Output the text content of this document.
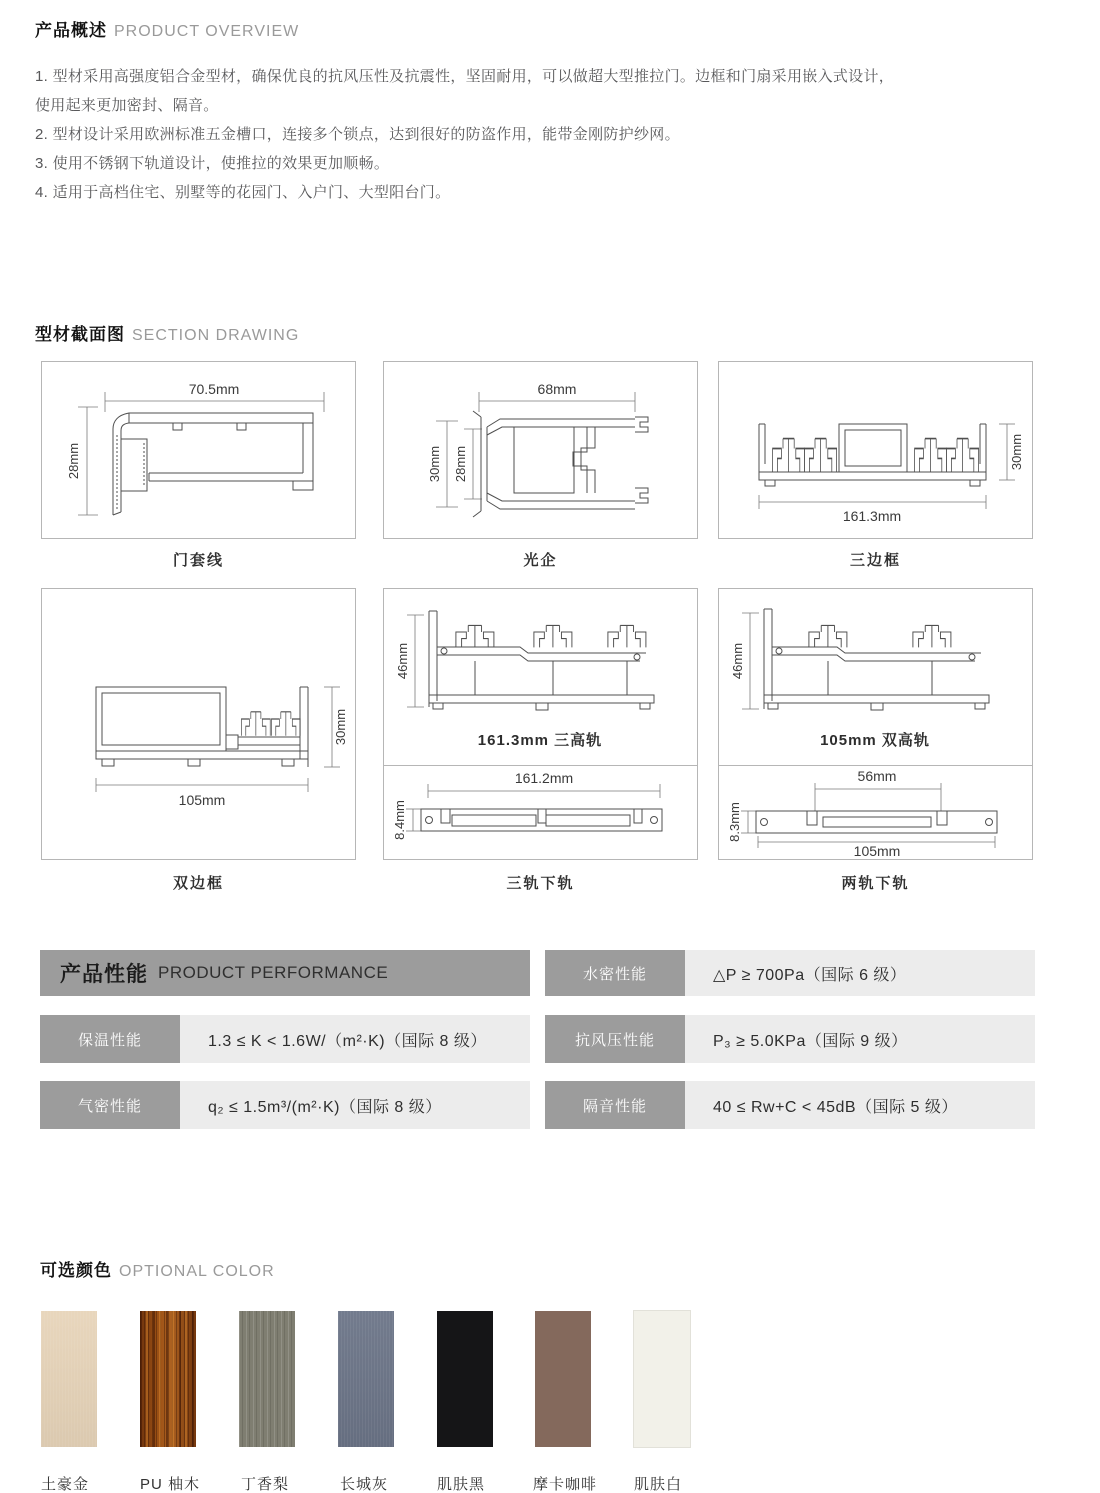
产品概述 PRODUCT OVERVIEW
1. 型材采用高强度铝合金型材，确保优良的抗风压性及抗震性，坚固耐用，可以做超大型推拉门。边框和门扇采用嵌入式设计，
使用起来更加密封、隔音。
2. 型材设计采用欧洲标准五金槽口，连接多个锁点，达到很好的防盗作用，能带金刚防护纱网。
3. 使用不锈钢下轨道设计，使推拉的效果更加顺畅。
4. 适用于高档住宅、别墅等的花园门、入户门、大型阳台门。
型材截面图 SECTION DRAWING
70.5mm
28mm
门套线
68mm
30mm 28mm
光企
161.3mm
30mm
三边框
105mm
30mm
双边框
46mm
161.3mm 三高轨
161.2mm
8.4mm
三轨下轨
46mm
105mm 双高轨
56mm
8.3mm
105mm
两轨下轨
产品性能 PRODUCT PERFORMANCE	水密性能	△P ≥ 700Pa（国际 6 级）
保温性能	1.3 ≤ K < 1.6W/（m²·K)（国际 8 级）	抗风压性能	P₃ ≥ 5.0KPa（国际 9 级）
气密性能	q₂ ≤ 1.5m³/(m²·K)（国际 8 级）	隔音性能	40 ≤ Rw+C < 45dB（国际 5 级）
可选颜色 OPTIONAL COLOR
土豪金	PU 柚木	丁香梨	长城灰	肌肤黑	摩卡咖啡 肌肤白
